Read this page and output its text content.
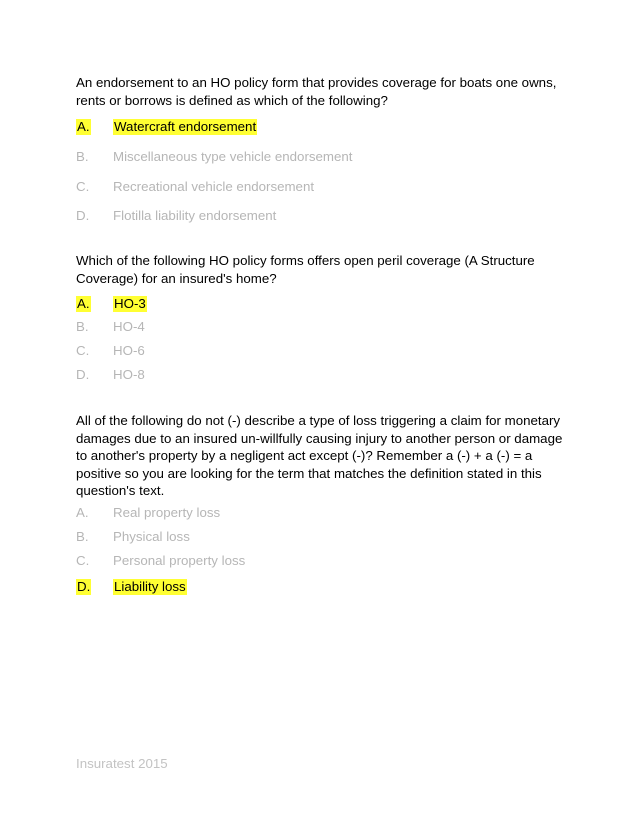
An endorsement to an HO policy form that provides coverage for boats one owns, rents or borrows is defined as which of the following?
A. Watercraft endorsement
B. Miscellaneous type vehicle endorsement
C. Recreational vehicle endorsement
D. Flotilla liability endorsement
Which of the following HO policy forms offers open peril coverage (A Structure Coverage) for an insured's home?
A. HO-3
B. HO-4
C. HO-6
D. HO-8
All of the following do not (-) describe a type of loss triggering a claim for monetary damages due to an insured un-willfully causing injury to another person or damage to another's property by a negligent act except (-)? Remember a (-) + a (-) = a positive so you are looking for the term that matches the definition stated in this question's text.
A. Real property loss
B. Physical loss
C. Personal property loss
D. Liability loss
Insuratest 2015
